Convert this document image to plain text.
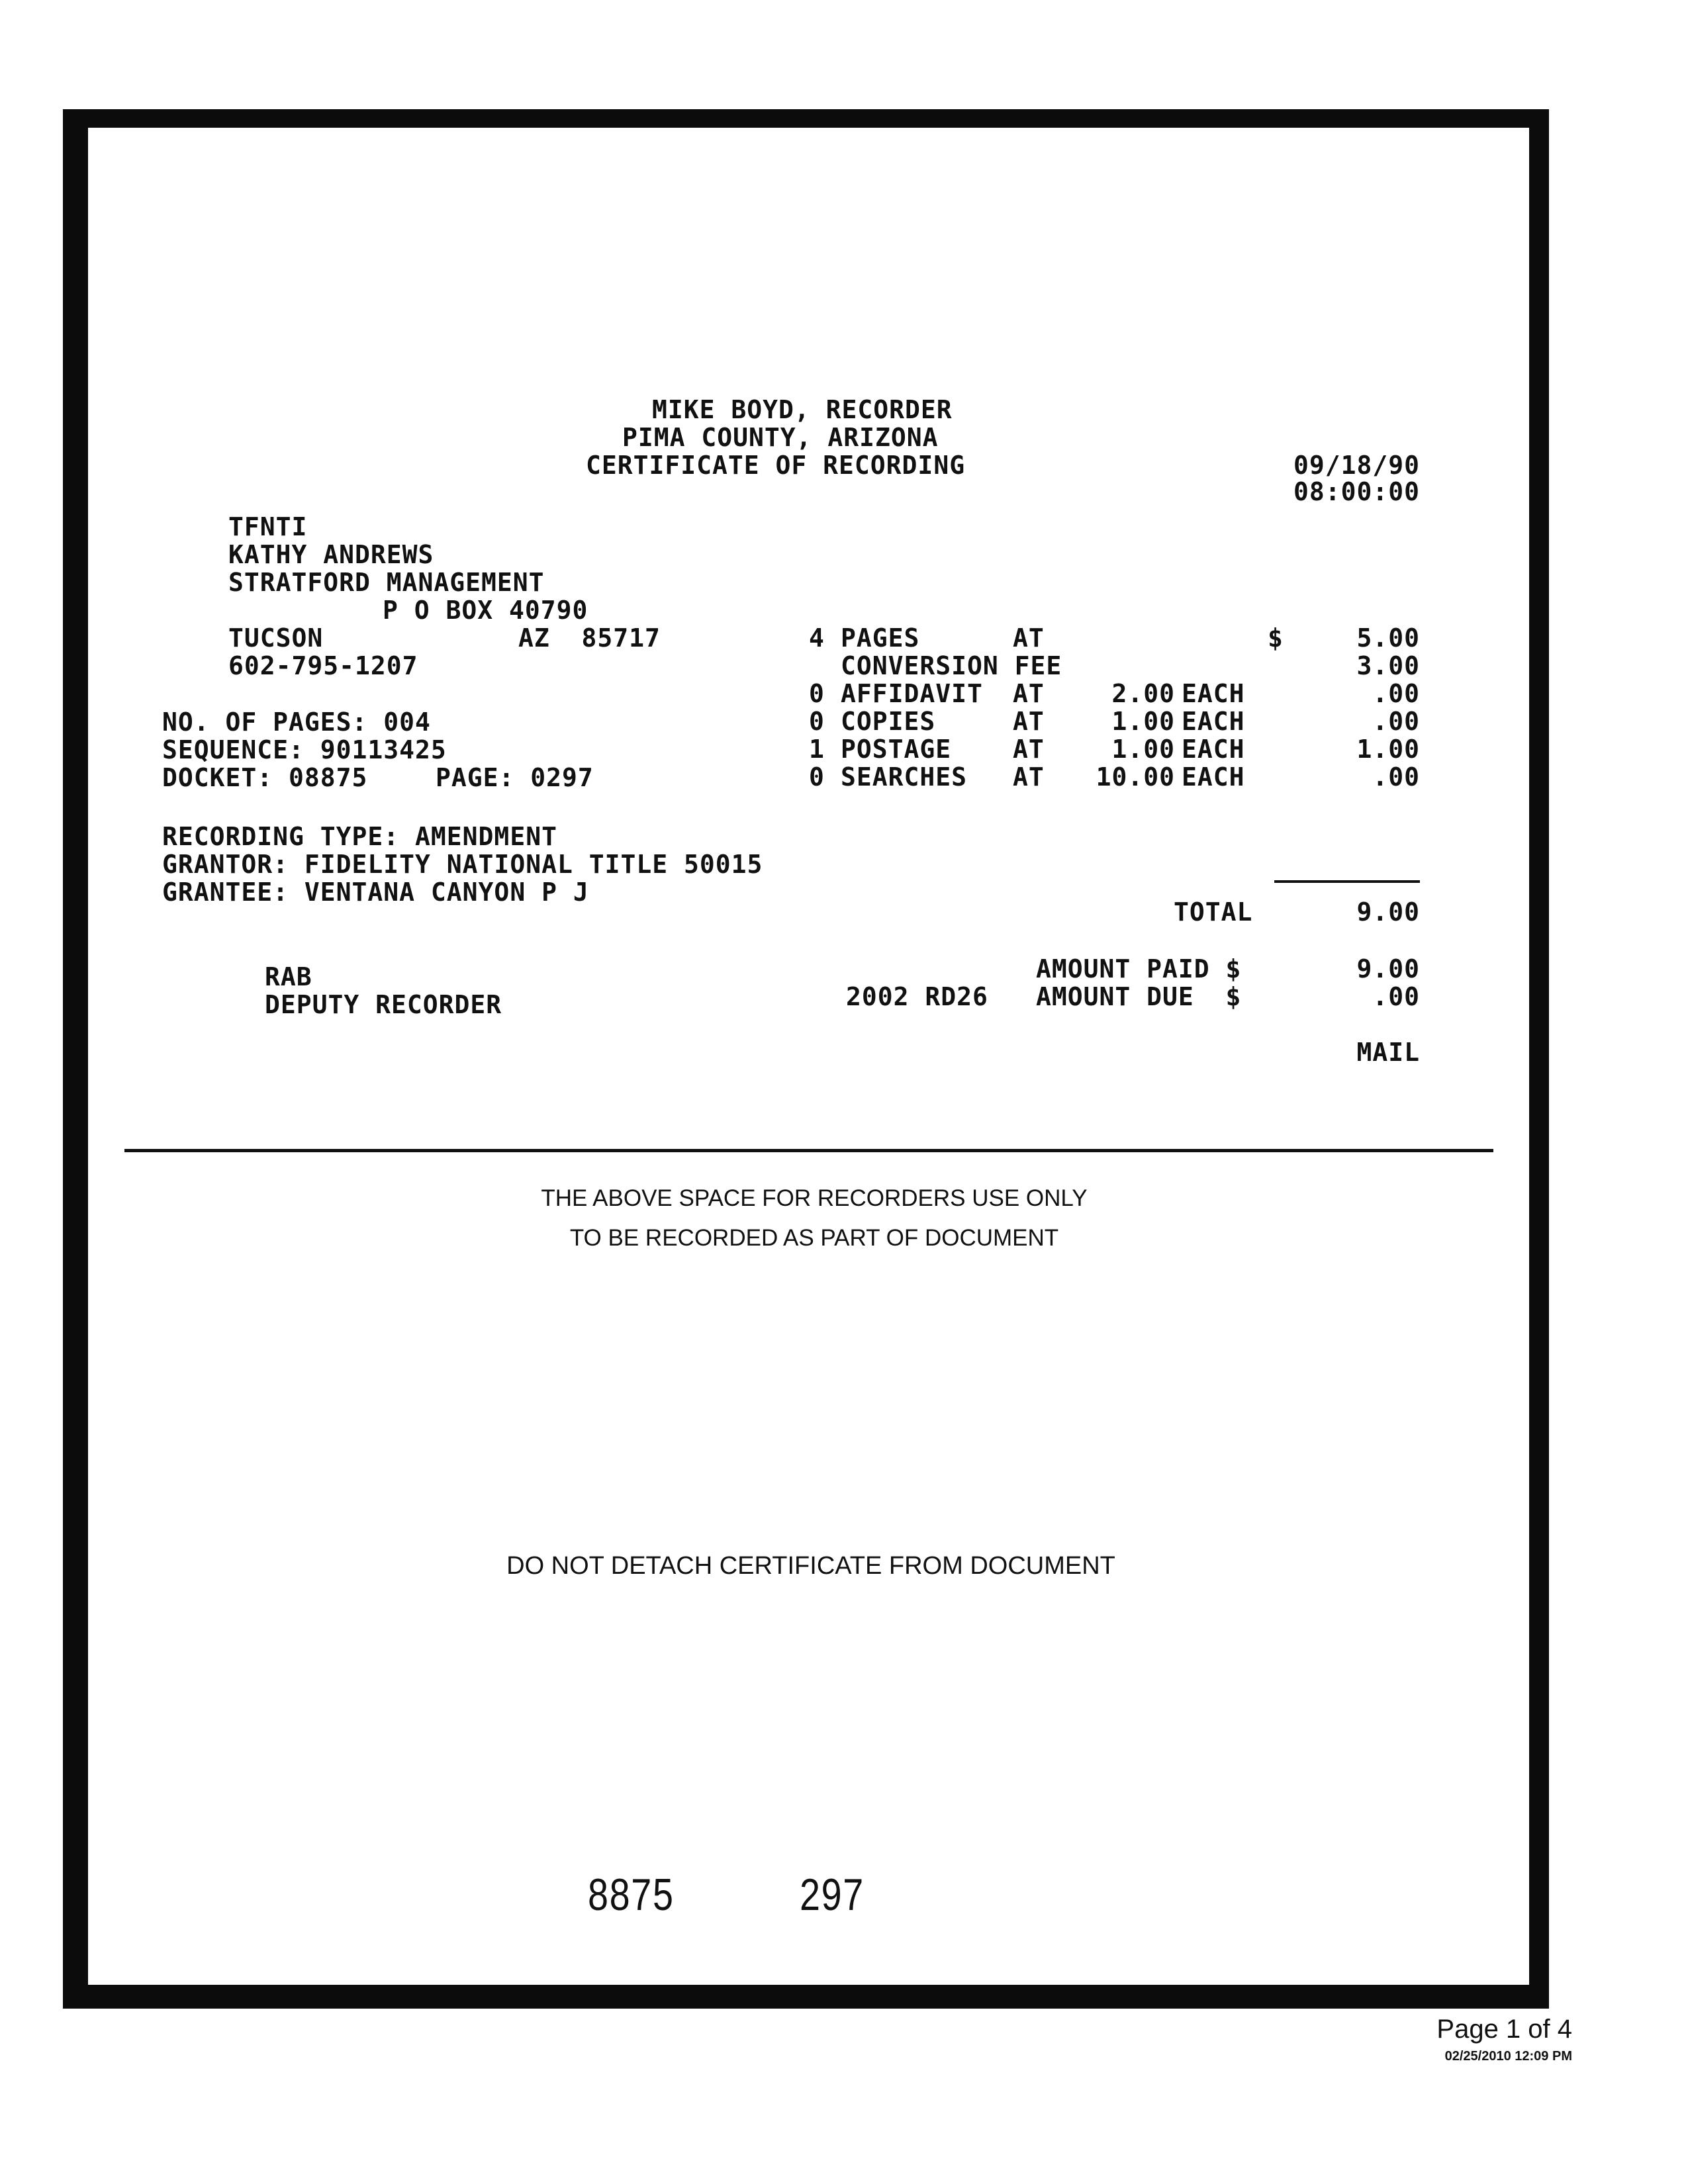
MIKE BOYD, RECORDER
PIMA COUNTY, ARIZONA
CERTIFICATE OF RECORDING	09/18/90
08:00:00
TFNTI
KATHY ANDREWS
STRATFORD MANAGEMENT
P O BOX 40790
TUCSON	AZ  85717
602-795-1207
NO. OF PAGES: 004
SEQUENCE: 90113425
DOCKET: 08875	PAGE: 0297
RECORDING TYPE: AMENDMENT
GRANTOR: FIDELITY NATIONAL TITLE 50015
GRANTEE: VENTANA CANYON P J
4 PAGES	AT	$	5.00
CONVERSION FEE	3.00
0 AFFIDAVIT AT	2.00 EACH	.00
0 COPIES	AT	1.00 EACH	.00
1 POSTAGE AT	1.00 EACH	1.00
0 SEARCHES AT	10.00 EACH	.00
TOTAL	9.00
RAB
DEPUTY RECORDER
AMOUNT PAID $	9.00
2002 RD26 AMOUNT DUE  $	.00
MAIL
THE ABOVE SPACE FOR RECORDERS USE ONLY
TO BE RECORDED AS PART OF DOCUMENT
DO NOT DETACH CERTIFICATE FROM DOCUMENT
8875	297
Page 1 of 4
02/25/2010 12:09 PM
